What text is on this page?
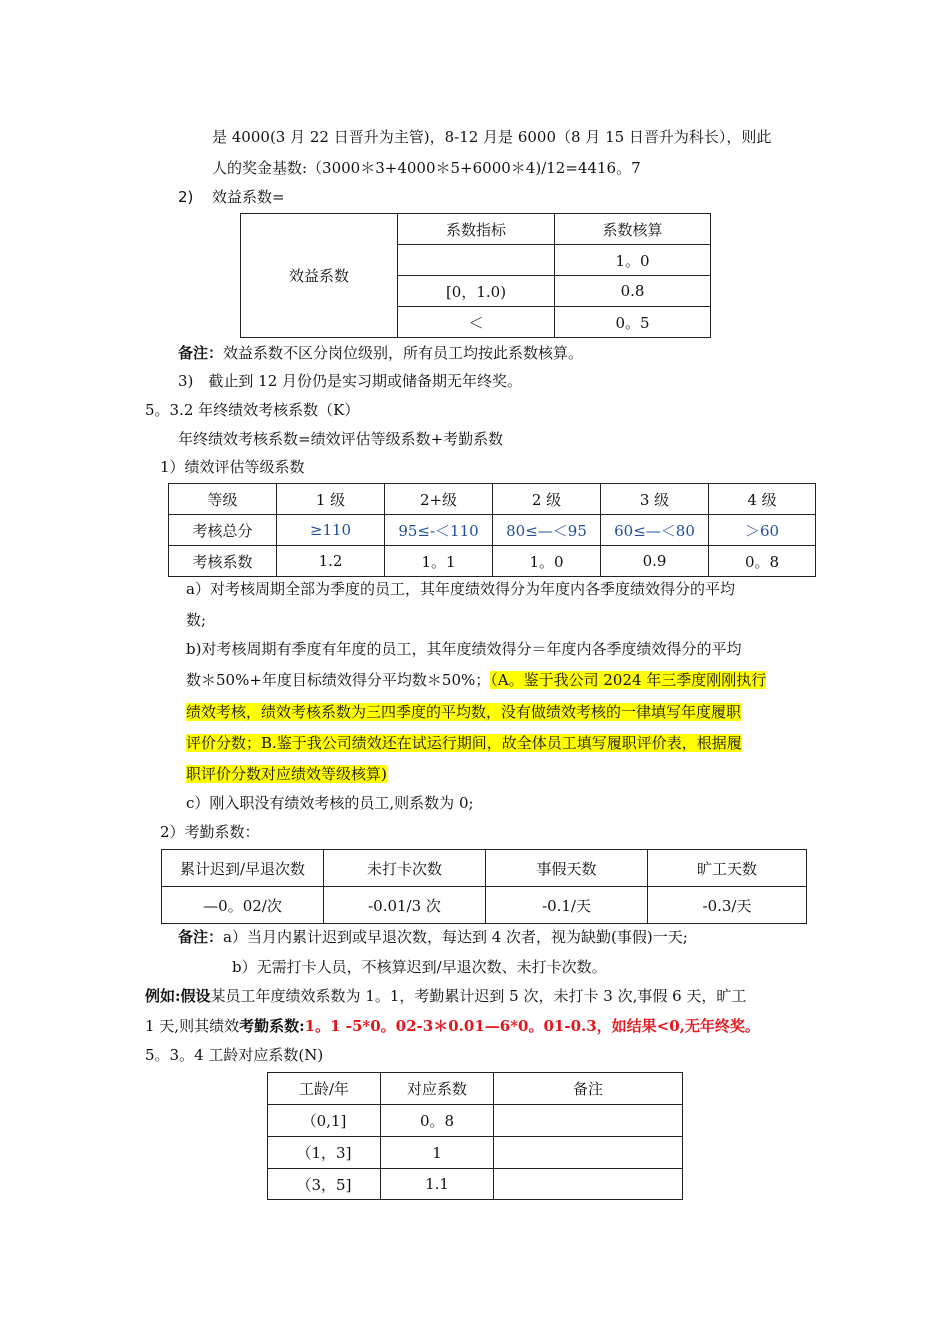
是 4000(3 月 22 日晋升为主管)，8-12 月是 6000（8 月 15 日晋升为科长），则此
人的奖金基数:（3000＊3+4000＊5+6000＊4)/12=4416。7
2) 效益系数=
效益系数	系数指标	系数核算
		1。0
	[0，1.0)	0.8
	＜	0。5
备注：效益系数不区分岗位级别，所有员工均按此系数核算。
3)　截止到 12 月份仍是实习期或储备期无年终奖。
5。3.2 年终绩效考核系数（K）
年终绩效考核系数=绩效评估等级系数+考勤系数
1）绩效评估等级系数
等级	1 级	2+级	2 级	3 级	4 级
考核总分	≥110	95≤-＜110	80≤—＜95	60≤—＜80	＞60
考核系数	1.2	1。1	1。0	0.9	0。8
a）对考核周期全部为季度的员工，其年度绩效得分为年度内各季度绩效得分的平均
数;
b)对考核周期有季度有年度的员工，其年度绩效得分＝年度内各季度绩效得分的平均
数＊50%+年度目标绩效得分平均数＊50%；（A。鉴于我公司 2024 年三季度刚刚执行
绩效考核，绩效考核系数为三四季度的平均数，没有做绩效考核的一律填写年度履职
评价分数；B.鉴于我公司绩效还在试运行期间，故全体员工填写履职评价表，根据履
职评价分数对应绩效等级核算)
c）刚入职没有绩效考核的员工,则系数为 0;
2）考勤系数：
累计迟到/早退次数	未打卡次数	事假天数	旷工天数
—0。02/次	-0.01/3 次	-0.1/天	-0.3/天
备注：a）当月内累计迟到或早退次数，每达到 4 次者，视为缺勤(事假)一天;
b）无需打卡人员，不核算迟到/早退次数、未打卡次数。
例如:假设某员工年度绩效系数为 1。1，考勤累计迟到 5 次，未打卡 3 次,事假 6 天，旷工
1 天,则其绩效考勤系数:1。1 -5*0。02-3＊0.01—6*0。01-0.3，如结果<0,无年终奖。
5。3。4 工龄对应系数(N)
工龄/年	对应系数	备注
（0,1]	0。8	
（1，3]	1	
（3，5]	1.1	
